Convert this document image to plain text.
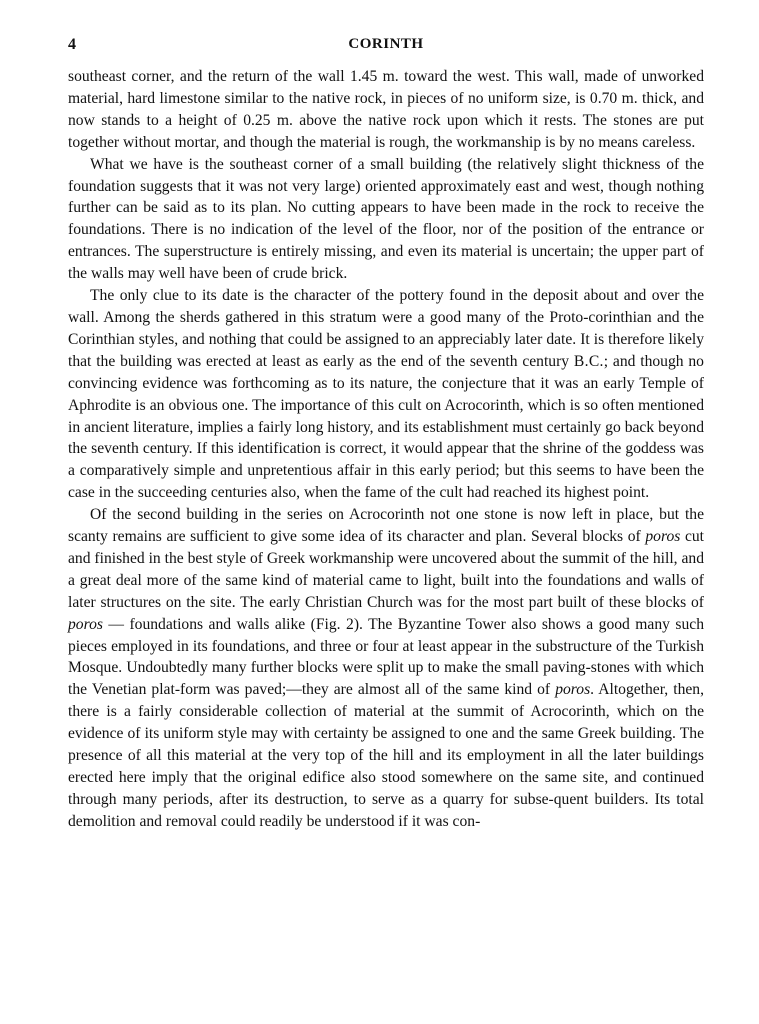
4	CORINTH

southeast corner, and the return of the wall 1.45 m. toward the west. This wall, made of unworked material, hard limestone similar to the native rock, in pieces of no uniform size, is 0.70 m. thick, and now stands to a height of 0.25 m. above the native rock upon which it rests. The stones are put together without mortar, and though the material is rough, the workmanship is by no means careless.

What we have is the southeast corner of a small building (the relatively slight thickness of the foundation suggests that it was not very large) oriented approximately east and west, though nothing further can be said as to its plan. No cutting appears to have been made in the rock to receive the foundations. There is no indication of the level of the floor, nor of the position of the entrance or entrances. The superstructure is entirely missing, and even its material is uncertain; the upper part of the walls may well have been of crude brick.

The only clue to its date is the character of the pottery found in the deposit about and over the wall. Among the sherds gathered in this stratum were a good many of the Proto-corinthian and the Corinthian styles, and nothing that could be assigned to an appreciably later date. It is therefore likely that the building was erected at least as early as the end of the seventh century B.C.; and though no convincing evidence was forthcoming as to its nature, the conjecture that it was an early Temple of Aphrodite is an obvious one. The importance of this cult on Acrocorinth, which is so often mentioned in ancient literature, implies a fairly long history, and its establishment must certainly go back beyond the seventh century. If this identification is correct, it would appear that the shrine of the goddess was a comparatively simple and unpretentious affair in this early period; but this seems to have been the case in the succeeding centuries also, when the fame of the cult had reached its highest point.

Of the second building in the series on Acrocorinth not one stone is now left in place, but the scanty remains are sufficient to give some idea of its character and plan. Several blocks of poros cut and finished in the best style of Greek workmanship were uncovered about the summit of the hill, and a great deal more of the same kind of material came to light, built into the foundations and walls of later structures on the site. The early Christian Church was for the most part built of these blocks of poros — foundations and walls alike (Fig. 2). The Byzantine Tower also shows a good many such pieces employed in its foundations, and three or four at least appear in the substructure of the Turkish Mosque. Undoubtedly many further blocks were split up to make the small paving-stones with which the Venetian plat-form was paved;—they are almost all of the same kind of poros. Altogether, then, there is a fairly considerable collection of material at the summit of Acrocorinth, which on the evidence of its uniform style may with certainty be assigned to one and the same Greek building. The presence of all this material at the very top of the hill and its employment in all the later buildings erected here imply that the original edifice also stood somewhere on the same site, and continued through many periods, after its destruction, to serve as a quarry for subse-quent builders. Its total demolition and removal could readily be understood if it was con-
